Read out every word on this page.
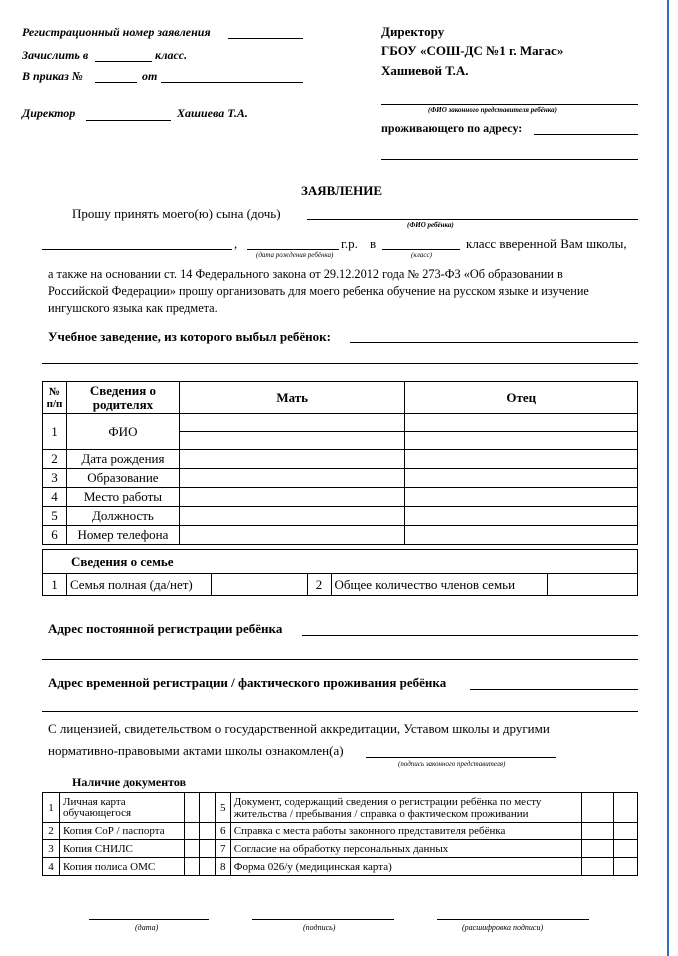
Регистрационный номер заявления
Зачислить в	класс.
В приказ №	от
Директор	Хашиева Т.А.
Директору
ГБОУ «СОШ-ДС №1 г. Магас»
Хашиевой Т.А.
(ФИО законного представителя ребёнка)
проживающего по адресу:
ЗАЯВЛЕНИЕ
Прошу принять моего(ю) сына (дочь)
(ФИО ребёнка)
,	г.р. в	класс вверенной Вам школы,
(дата рождения ребёнка)	(класс)
а также на основании ст. 14 Федерального закона от 29.12.2012 года № 273-ФЗ «Об образовании в
Российской Федерации» прошу организовать для моего ребенка обучение на русском языке и изучение
ингушского языка как предмета.
Учебное заведение, из которого выбыл ребёнок:
№ п/п	Сведения о родителях	Мать	Отец
1	ФИО		

2	Дата рождения		
3	Образование		
4	Место работы		
5	Должность		
6	Номер телефона		
Сведения о семье
1	Семья полная (да/нет)		2	Общее количество членов семьи	
Адрес постоянной регистрации ребёнка
Адрес временной регистрации / фактического проживания ребёнка
С лицензией, свидетельством о государственной аккредитации, Уставом школы и другими
нормативно-правовыми актами школы ознакомлен(а)
(подпись законного представителя)
Наличие документов
1	Личная карта обучающегося			5	Документ, содержащий сведения о регистрации ребёнка по месту жительства / пребывания / справка о фактическом проживании		
2	Копия СоР / паспорта			6	Справка с места работы законного представителя ребёнка		
3	Копия СНИЛС			7	Согласие на обработку персональных данных		
4	Копия полиса ОМС			8	Форма 026/у (медицинская карта)		
(дата)	(подпись)	(расшифровка подписи)
